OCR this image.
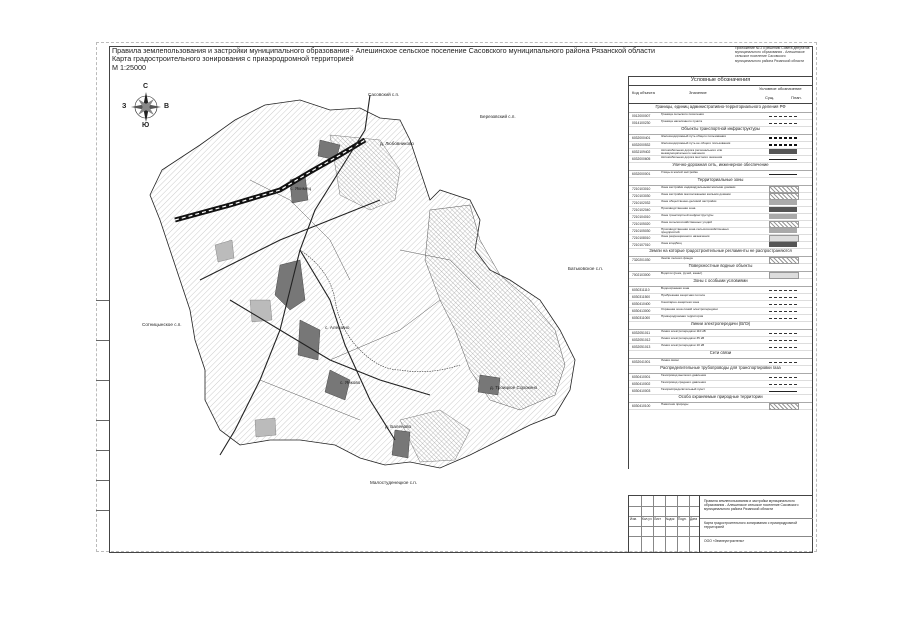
Правила землепользования и застройки муниципального образования - Алешинское сельское поселение Сасовского муниципального района Рязанской области
Карта градостроительного зонирования с приаэродромной территорией
М 1:25000
Приложение № 2 к решению Совета депутатов муниципального образования - Алешинское сельское поселение Сасовского муниципального района Рязанской области
С
Ю
З	В
Сасовский с.п.
Березовский с.п.
д. Любовниково
с. Якимец
Батьковское с.п.
Сотницынское с.п.
с. Алешино
с. Янково
д. Троицкое Сорокино
д. Баленово
Малостуденецкое с.п.
Условные обозначения
Код объекта	Значение
Условное обозначение
Сущ.	План.
Границы, единиц административно-территориального деления РФ
0012000007	Граница сельского поселения
0014100230	Граница населённого пункта
Объекты транспортной инфраструктуры
6032000401	Железнодорожный путь общего пользования
6032000532	Железнодорожный путь не общего пользования
6032109402	Автомобильная дорога регионального или межмуниципального значения
6032000605	Автомобильная дорога местного значения
Улично-дорожная сеть, инженерное обеспечение
6032000001	Улицы в жилой застройке
Территориальные зоны
7210103010	Зона застройки индивидуальными жилыми домами
7210103030	Зона застройки малоэтажными жилыми домами
7210102032	Зона общественно-деловой застройки
7210102040	Производственная зона
7210104010	Зона транспортной инфраструктуры
7210105020	Зона сельскохозяйственных угодий
7210105030	Производственная зона сельскохозяйственных предприятий
7210108010	Зона рекреационного назначения
7210107010	Зона кладбищ
Земли на которые градостроительные регламенты не распространяются
7320201030	Земли лесного фонда
Поверхностные водные объекты
7002103000	Водоток (река, ручей, канал)
Зоны с особыми условиями
6030311110	Водоохранная зона
6030311500	Прибрежная защитная полоса
6030410400	Санитарно-защитная зона
6030413000	Охранная зона линий электропередачи
6030311000	Приаэродромная территория
Линии электропередачи (ВЛЭ)
6032051011	Линия электропередачи 110 кВ
6032051012	Линия электропередачи 35 кВ
6032051013	Линия электропередачи 10 кВ
Сети связи
6032041001	Линия связи
Распределительные трубопроводы для транспортировки газа
6030410001	Газопровод высокого давления
6030410002	Газопровод среднего давления
6030410003	Газораспределительный пункт
Особо охраняемые природные территории
6030410100	Памятник природы
Изм. Кол.уч Лист №док Подп. Дата
Правила землепользования и застройки муниципального образования - Алешинское сельское поселение Сасовского муниципального района Рязанской области
Карта градостроительного зонирования с приаэродромной территорией
ООО «Землеустроитель»
